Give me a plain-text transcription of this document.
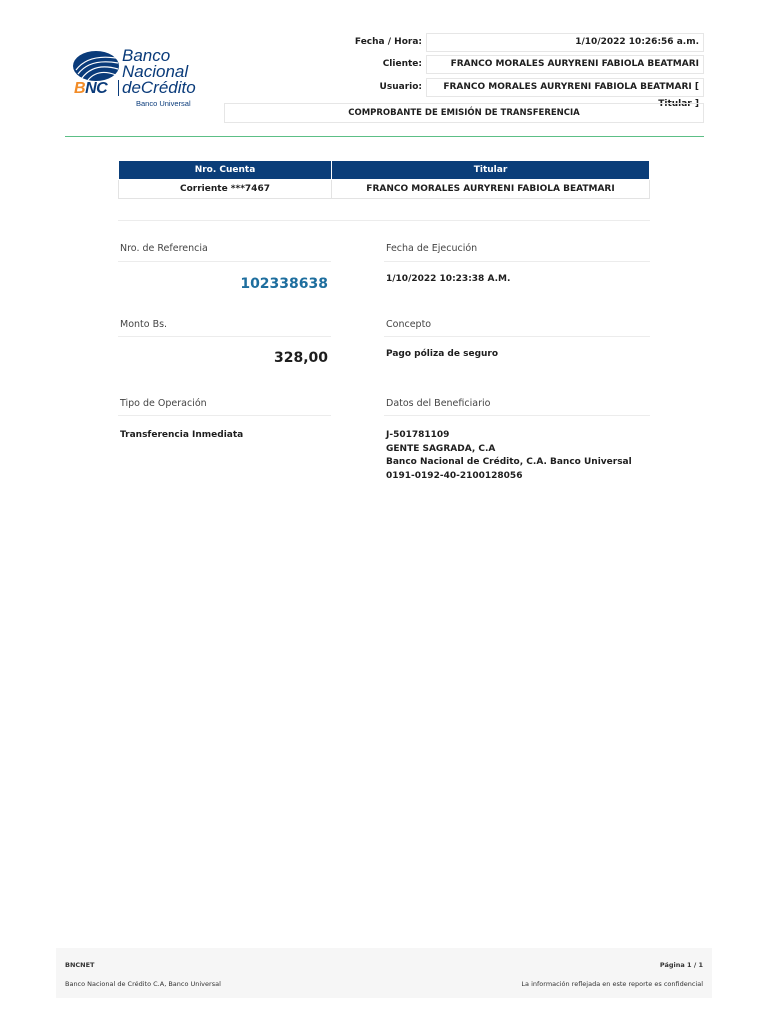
Banco
Nacional
deCrédito
BNC
Banco Universal
Fecha / Hora:	1/10/2022 10:26:56 a.m.
Cliente:	FRANCO MORALES AURYRENI FABIOLA BEATMARI
Usuario:	FRANCO MORALES AURYRENI FABIOLA BEATMARI [ Titular ]
COMPROBANTE DE EMISIÓN DE TRANSFERENCIA
Nro. Cuenta	Titular
Corriente ***7467	FRANCO MORALES AURYRENI FABIOLA BEATMARI
Nro. de Referencia
102338638
Monto Bs.
328,00
Tipo de Operación
Transferencia Inmediata
Fecha de Ejecución
1/10/2022 10:23:38 A.M.
Concepto
Pago póliza de seguro
Datos del Beneficiario
J-501781109
GENTE SAGRADA, C.A
Banco Nacional de Crédito, C.A. Banco Universal
0191-0192-40-2100128056
BNCNET
Banco Nacional de Crédito C.A, Banco Universal
Página 1 / 1
La información reflejada en este reporte es confidencial
